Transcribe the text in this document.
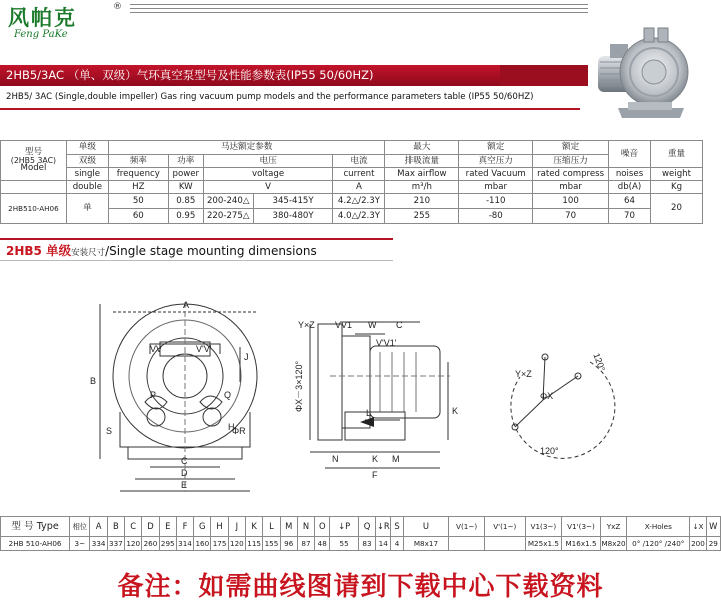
风帕克	®
Feng PaKe
2HB5/3AC （单、双级）气环真空泵型号及性能参数表(IP55 50/60HZ)
2HB5/ 3AC (Single,double impeller) Gas ring vacuum pump models and the performance parameters table (IP55 50/60HZ)
型号
(2HB5 3AC)
Model	单级	马达额定参数					最大	额定	额定	噪音	重量
	双级	频率	功率	电压		电流	排吸流量	真空压力	压缩压力		
	single	frequency	power	voltage		current	Max airflow	rated Vacuum	rated compress	noises	weight
	double	HZ	KW	V		A	m³/h	mbar	mbar	db(A)	Kg
2HB510-AH06	单	50	0.85	200-240△	345-415Y	4.2△/2.3Y	210	-110	100	64	20
		60	0.95	220-275△	380-480Y	4.0△/2.3Y	255	-80	70	70	
2HB5 单级安装尺寸/Single stage mounting dimensions
A
B
C
D
E
J
H
P	Q
ΦR
S
VV	V'V'
Y×Z VV1 W C
V'V1'
ΦX－3×120°	K
L
N	K M
F
Y×Z
ΦX
120°
120°
型 号 Type	相位	A	B	C	D	E	F	G	H	J	K	L	M	N	O	↓P	Q	↓R	S	U	V(1~)	V'(1~)	V1(3~)	V1'(3~)	YxZ	X-Holes	↓X	W
2HB 510-AH06	3~	334	337	120	260	295	314	160	175	120	115	155	96	87	48	55	83	14	4	M8x17			M25x1.5	M16x1.5	M8x20	0° /120° /240°	200	29
备注：如需曲线图请到下载中心下载资料
